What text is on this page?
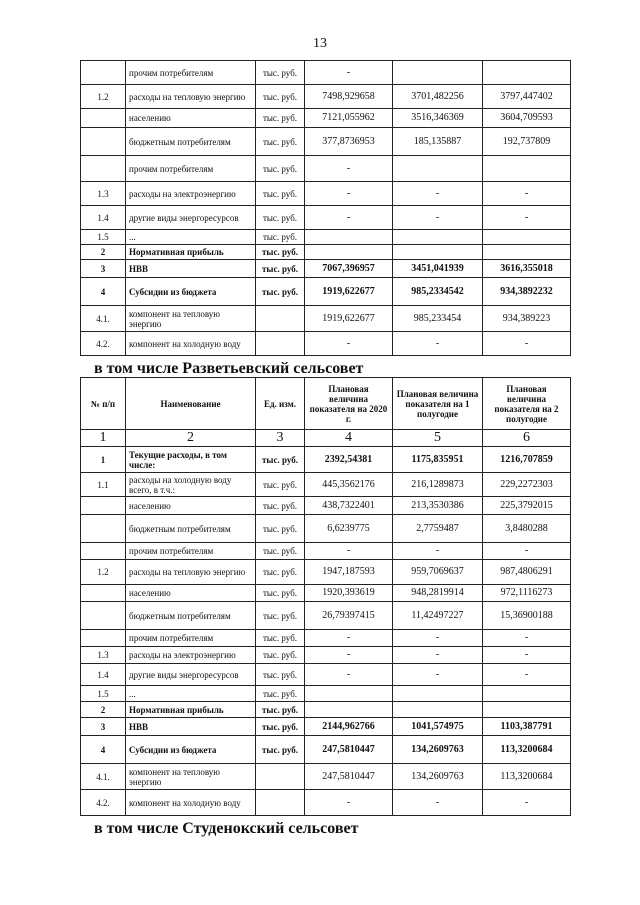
13
	прочим потребителям	тыс. руб.	-		
1.2	расходы на тепловую энергию	тыс. руб.	7498,929658	3701,482256	3797,447402
	населению	тыс. руб.	7121,055962	3516,346369	3604,709593
	бюджетным потребителям	тыс. руб.	377,8736953	185,135887	192,737809
	прочим потребителям	тыс. руб.	-		
1.3	расходы на электроэнергию	тыс. руб.	-	-	-
1.4	другие виды энергоресурсов	тыс. руб.	-	-	-
1.5	...	тыс. руб.			
2	Нормативная прибыль	тыс. руб.			
3	НВВ	тыс. руб.	7067,396957	3451,041939	3616,355018
4	Субсидии из бюджета	тыс. руб.	1919,622677	985,2334542	934,3892232
4.1.	компонент на тепловую энергию		1919,622677	985,233454	934,389223
4.2.	компонент на холодную воду		-	-	-
в том числе Разветьевский сельсовет
№ п/п	Наименование	Ед. изм.	Плановая величина показателя на 2020 г.	Плановая величина показателя на 1 полугодие	Плановая величина показателя на 2 полугодие
1	2	3	4	5	6
1	Текущие расходы, в том числе:	тыс. руб.	2392,54381	1175,835951	1216,707859
1.1	расходы на холодную воду всего, в т.ч.:	тыс. руб.	445,3562176	216,1289873	229,2272303
	населению	тыс. руб.	438,7322401	213,3530386	225,3792015
	бюджетным потребителям	тыс. руб.	6,6239775	2,7759487	3,8480288
	прочим потребителям	тыс. руб.	-	-	-
1.2	расходы на тепловую энергию	тыс. руб.	1947,187593	959,7069637	987,4806291
	населению	тыс. руб.	1920,393619	948,2819914	972,1116273
	бюджетным потребителям	тыс. руб.	26,79397415	11,42497227	15,36900188
	прочим потребителям	тыс. руб.	-	-	-
1.3	расходы на электроэнергию	тыс. руб.	-	-	-
1.4	другие виды энергоресурсов	тыс. руб.	-	-	-
1.5	...	тыс. руб.			
2	Нормативная прибыль	тыс. руб.			
3	НВВ	тыс. руб.	2144,962766	1041,574975	1103,387791
4	Субсидии из бюджета	тыс. руб.	247,5810447	134,2609763	113,3200684
4.1.	компонент на тепловую энергию		247,5810447	134,2609763	113,3200684
4.2.	компонент на холодную воду		-	-	-
в том числе Студенокский сельсовет
